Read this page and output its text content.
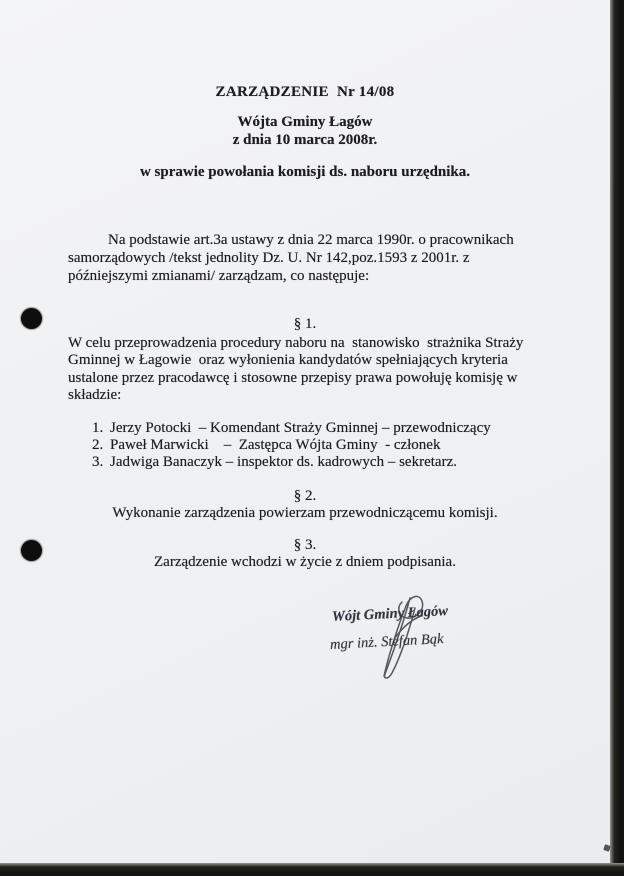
ZARZĄDZENIE  Nr 14/08
Wójta Gminy Łagów
z dnia 10 marca 2008r.
w sprawie powołania komisji ds. naboru urzędnika.
Na podstawie art.3a ustawy z dnia 22 marca 1990r. o pracownikach
samorządowych /tekst jednolity Dz. U. Nr 142,poz.1593 z 2001r. z
późniejszymi zmianami/ zarządzam, co następuje:
§ 1.
W celu przeprowadzenia procedury naboru na  stanowisko  strażnika Straży
Gminnej w Łagowie  oraz wyłonienia kandydatów spełniających kryteria
ustalone przez pracodawcę i stosowne przepisy prawa powołuję komisję w
składzie:
1. Jerzy Potocki  – Komendant Straży Gminnej – przewodniczący
2. Paweł Marwicki    –  Zastępca Wójta Gminy  - członek
3. Jadwiga Banaczyk – inspektor ds. kadrowych – sekretarz.
§ 2.
Wykonanie zarządzenia powierzam przewodniczącemu komisji.
§ 3.
Zarządzenie wchodzi w życie z dniem podpisania.
Wójt Gminy Łagów
mgr inż. Stefan Bąk
